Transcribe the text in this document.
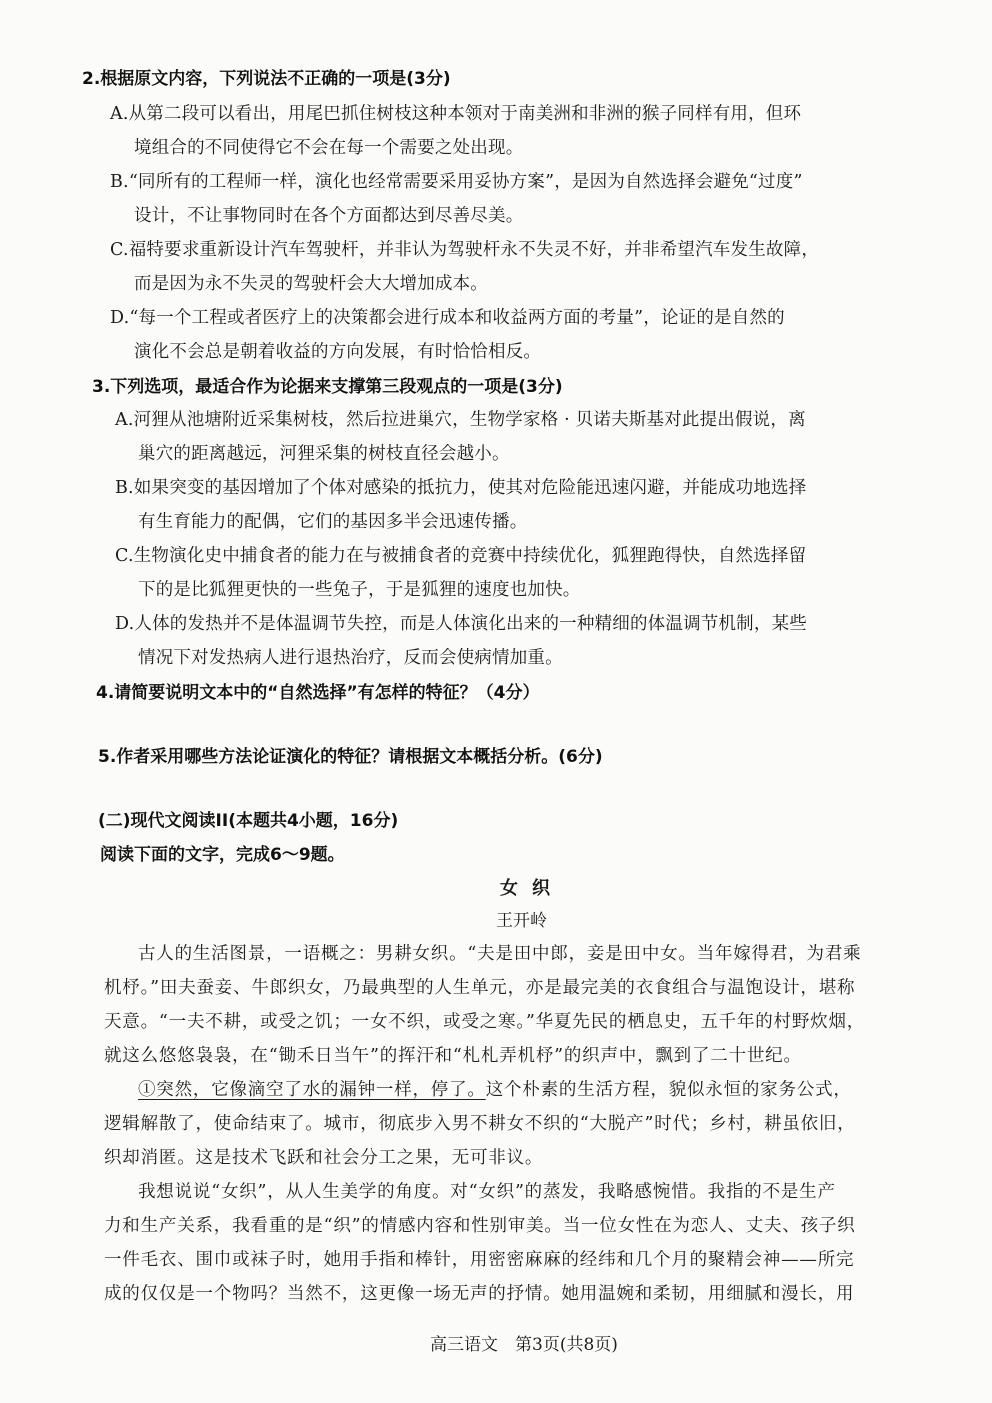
2.根据原文内容，下列说法不正确的一项是(3分)
A.从第二段可以看出，用尾巴抓住树枝这种本领对于南美洲和非洲的猴子同样有用，但环
境组合的不同使得它不会在每一个需要之处出现。
B.“同所有的工程师一样，演化也经常需要采用妥协方案”，是因为自然选择会避免“过度”
设计，不让事物同时在各个方面都达到尽善尽美。
C.福特要求重新设计汽车驾驶杆，并非认为驾驶杆永不失灵不好，并非希望汽车发生故障，
而是因为永不失灵的驾驶杆会大大增加成本。
D.“每一个工程或者医疗上的决策都会进行成本和收益两方面的考量”，论证的是自然的
演化不会总是朝着收益的方向发展，有时恰恰相反。
3.下列选项，最适合作为论据来支撑第三段观点的一项是(3分)
A.河狸从池塘附近采集树枝，然后拉进巢穴，生物学家格 · 贝诺夫斯基对此提出假说，离
巢穴的距离越远，河狸采集的树枝直径会越小。
B.如果突变的基因增加了个体对感染的抵抗力，使其对危险能迅速闪避，并能成功地选择
有生育能力的配偶，它们的基因多半会迅速传播。
C.生物演化史中捕食者的能力在与被捕食者的竞赛中持续优化，狐狸跑得快，自然选择留
下的是比狐狸更快的一些兔子，于是狐狸的速度也加快。
D.人体的发热并不是体温调节失控，而是人体演化出来的一种精细的体温调节机制，某些
情况下对发热病人进行退热治疗，反而会使病情加重。
4.请简要说明文本中的“自然选择”有怎样的特征？（4分）
5.作者采用哪些方法论证演化的特征？请根据文本概括分析。(6分)
(二)现代文阅读II(本题共4小题，16分)
阅读下面的文字，完成6～9题。
女织
王开岭
古人的生活图景，一语概之：男耕女织。“夫是田中郎，妾是田中女。当年嫁得君，为君乘
机杼。”田夫蚕妾、牛郎织女，乃最典型的人生单元，亦是最完美的衣食组合与温饱设计，堪称
天意。“一夫不耕，或受之饥；一女不织，或受之寒。”华夏先民的栖息史，五千年的村野炊烟，
就这么悠悠袅袅，在“锄禾日当午”的挥汗和“札札弄机杼”的织声中，飘到了二十世纪。
①突然，它像滴空了水的漏钟一样，停了。这个朴素的生活方程，貌似永恒的家务公式，
逻辑解散了，使命结束了。城市，彻底步入男不耕女不织的“大脱产”时代；乡村，耕虽依旧，
织却消匿。这是技术飞跃和社会分工之果，无可非议。
我想说说“女织”，从人生美学的角度。对“女织”的蒸发，我略感惋惜。我指的不是生产
力和生产关系，我看重的是“织”的情感内容和性别审美。当一位女性在为恋人、丈夫、孩子织
一件毛衣、围巾或袜子时，她用手指和棒针，用密密麻麻的经纬和几个月的聚精会神——所完
成的仅仅是一个物吗？当然不，这更像一场无声的抒情。她用温婉和柔韧，用细腻和漫长，用
高三语文　第3页(共8页)
